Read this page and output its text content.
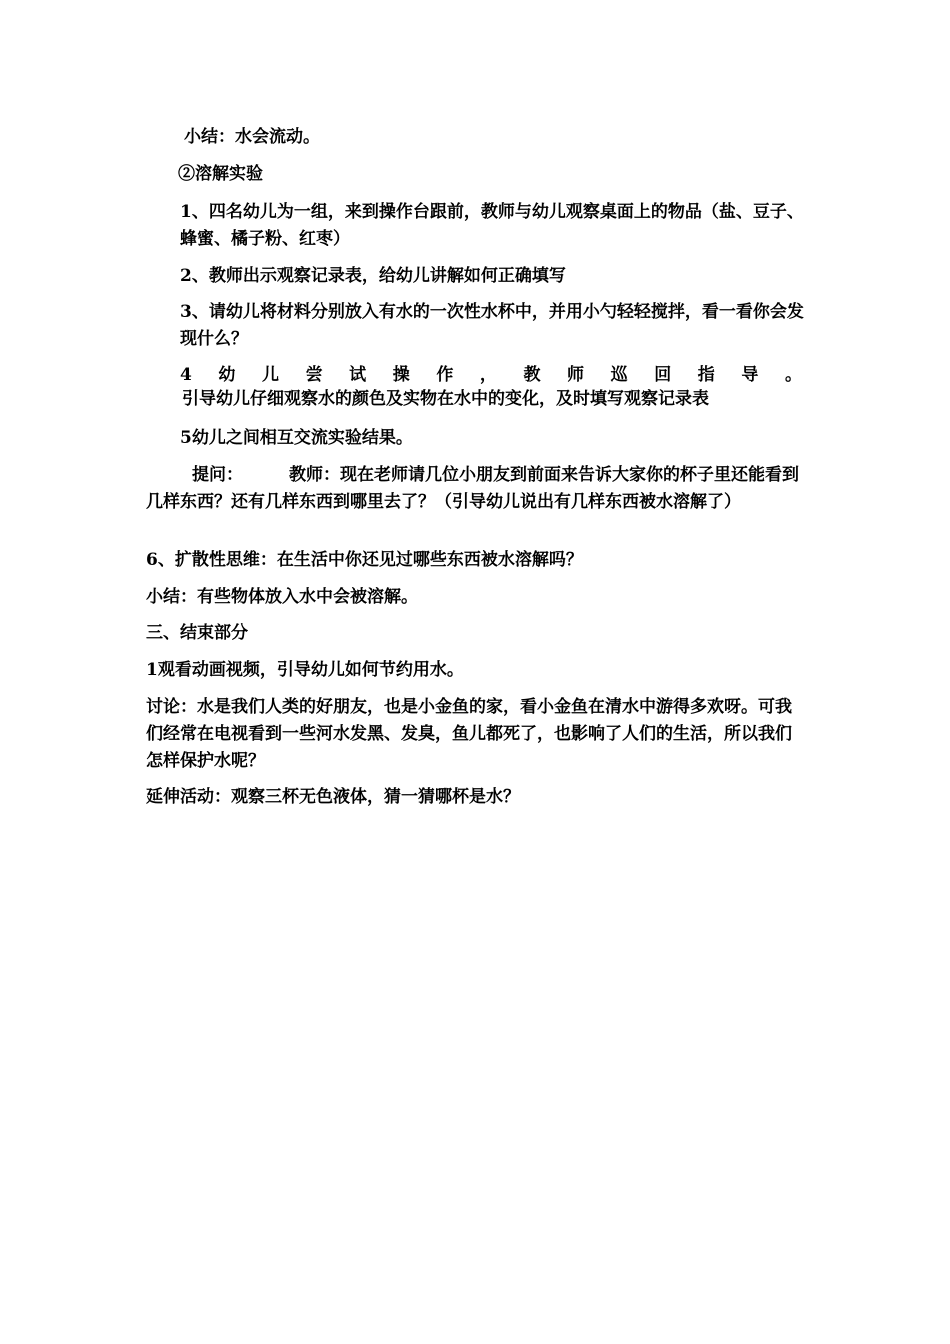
小结：水会流动。

②溶解实验

1、四名幼儿为一组，来到操作台跟前，教师与幼儿观察桌面上的物品（盐、豆子、蜂蜜、橘子粉、红枣）

2、教师出示观察记录表，给幼儿讲解如何正确填写

3、请幼儿将材料分别放入有水的一次性水杯中，并用小勺轻轻搅拌，看一看你会发现什么？

4 幼 儿 尝 试 操 作 ， 教 师 巡 回 指 导 。

引导幼儿仔细观察水的颜色及实物在水中的变化，及时填写观察记录表

5幼儿之间相互交流实验结果。

提问：	教师：现在老师请几位小朋友到前面来告诉大家你的杯子里还能看到几样东西？还有几样东西到哪里去了？（引导幼儿说出有几样东西被水溶解了）

6、扩散性思维：在生活中你还见过哪些东西被水溶解吗？

小结：有些物体放入水中会被溶解。

三、结束部分

1观看动画视频，引导幼儿如何节约用水。

讨论：水是我们人类的好朋友，也是小金鱼的家，看小金鱼在清水中游得多欢呀。可我们经常在电视看到一些河水发黑、发臭，鱼儿都死了，也影响了人们的生活，所以我们怎样保护水呢？

延伸活动：观察三杯无色液体，猜一猜哪杯是水？
